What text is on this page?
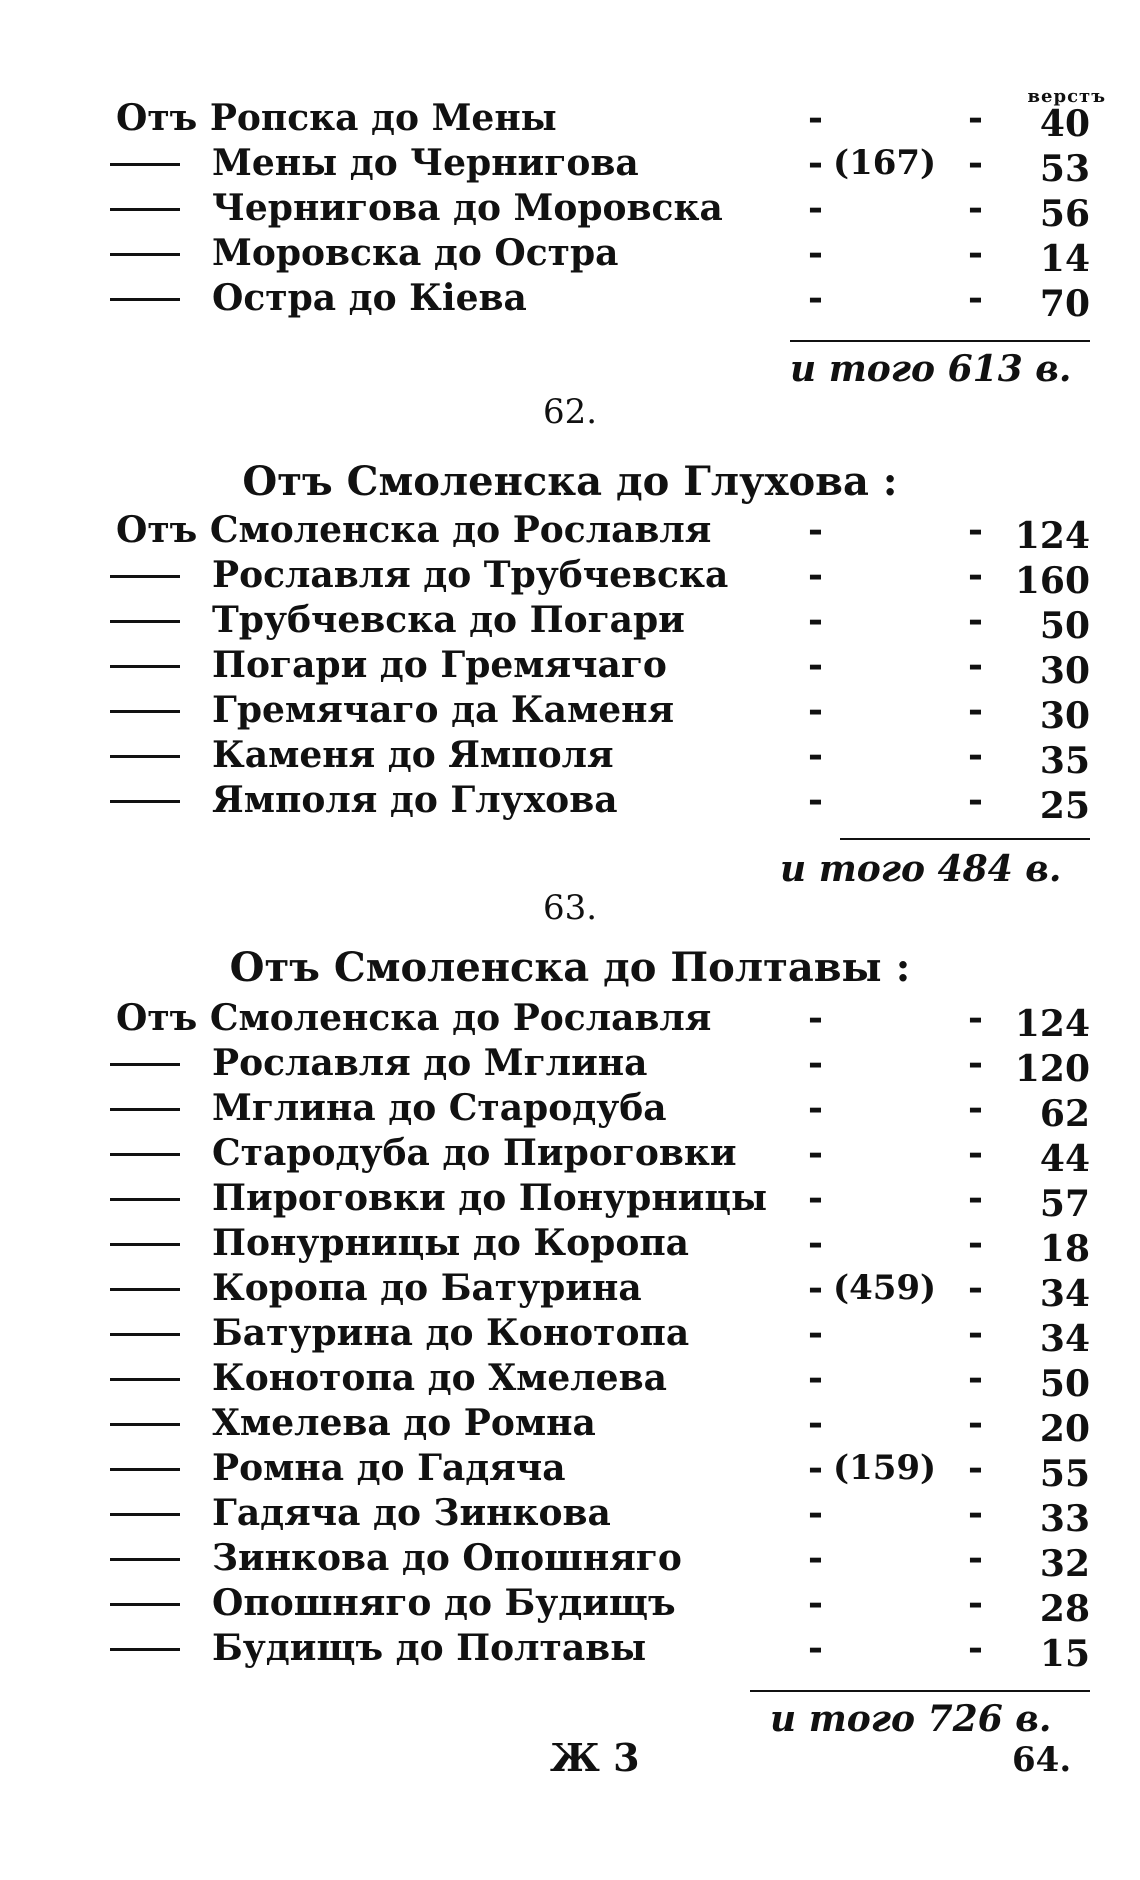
верстъ
Отъ Ропска до Мены	-	- 40
Мены до Чернигова	- (167) - 53
Чернигова до Моровска -	- 56
Моровска до Остра	-	- 14
Остра до Кіева	-	- 70
и того 613 в.
62.
Отъ Смоленска до Глухова :
Отъ Смоленска до Рославля	-	- 124
Рославля до Трубчевска -	- 160
Трубчевска до Погари	-	- 50
Погари до Гремячаго	-	- 30
Гремячаго да Каменя	-	- 30
Каменя до Ямполя	-	- 35
Ямполя до Глухова	-	- 25
и того 484 в.
63.
Отъ Смоленска до Полтавы :
Отъ Смоленска до Рославля	-	- 124
Рославля до Мглина	-	- 120
Мглина до Стародуба	-	- 62
Стародуба до Пироговки -	- 44
Пироговки до Понурницы -	- 57
Понурницы до Коропа	-	- 18
Коропа до Батурина	- (459) - 34
Батурина до Конотопа	-	- 34
Конотопа до Хмелева	-	- 50
Хмелева до Ромна	-	- 20
Ромна до Гадяча	- (159) - 55
Гадяча до Зинкова	-	- 33
Зинкова до Опошняго	-	- 32
Опошняго до Будищъ	-	- 28
Будищъ до Полтавы	-	- 15
и того 726 в.
Ж 3	64.
